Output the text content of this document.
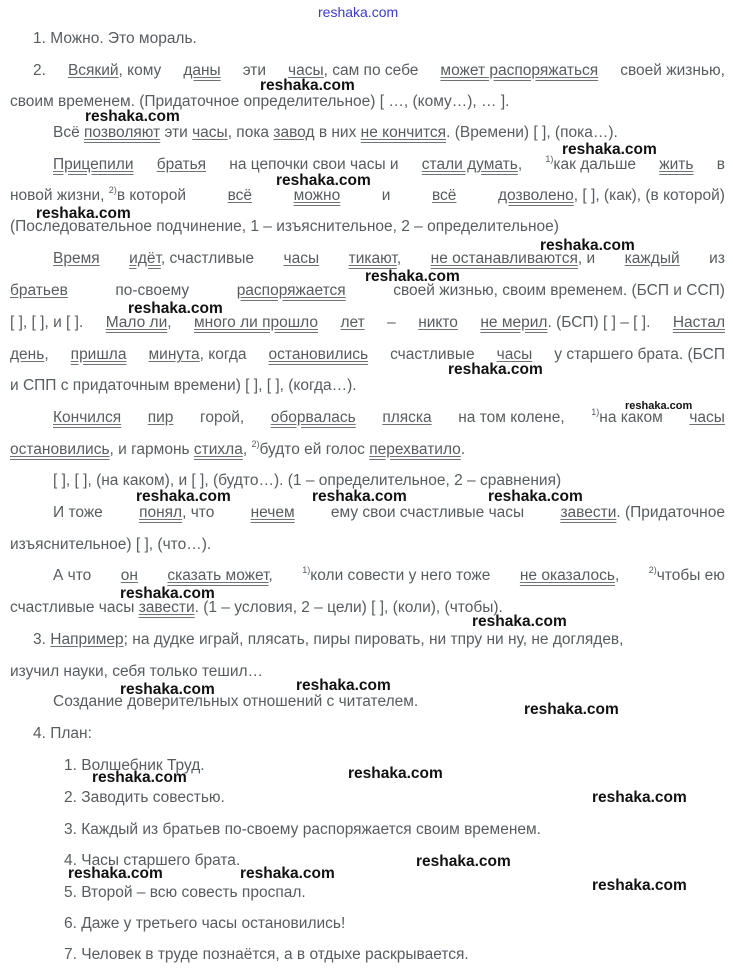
1. Можно. Это мораль.
2. Всякий, кому даны эти часы, сам по себе может распоряжаться своей жизнью,
своим временем. (Придаточное определительное) [ …, (кому…), … ].
Всё позволяют эти часы, пока завод в них не кончится. (Времени) [ ], (пока…).
Прицепили братья на цепочки свои часы и стали думать,	$^{1)}$как дальше жить в
новой жизни, $^{2)}$в которой	всё	можно	и	всё	дозволено, [ ], (как), (в которой)
(Последовательное подчинение, 1 – изъяснительное, 2 – определительное)
Время идёт, счастливые часы тикают, не останавливаются, и каждый из
братьев	по-своему	распоряжается	своей жизнью, своим временем. (БСП и ССП)
[ ], [ ], и [ ]. Мало ли, много ли прошло лет – никто не мерил. (БСП) [ ] – [ ]. Настал
день, пришла минута, когда остановились счастливые часы у старшего брата. (БСП
и СПП с придаточным времени) [ ], [ ], (когда…).
Кончился пир горой, оборвалась пляска на том колене,	$^{1)}$на каком часы
остановились, и гармонь стихла, $^{2)}$будто ей голос перехватило.
[ ], [ ], (на каком), и [ ], (будто…). (1 – определительное, 2 – сравнения)
И тоже понял, что нечем ему свои счастливые часы завести. (Придаточное
изъяснительное) [ ], (что…).
А что он сказать может,	$^{1)}$коли совести у него тоже не оказалось,	$^{2)}$чтобы ею
счастливые часы завести. (1 – условия, 2 – цели) [ ], (коли), (чтобы).
3. Например; на дудке играй, плясать, пиры пировать, ни тпру ни ну, не доглядев,
изучил науки, себя только тешил…
Создание доверительных отношений с читателем.
4. План:
1. Волшебник Труд.
2. Заводить совестью.
3. Каждый из братьев по-своему распоряжается своим временем.
4. Часы старшего брата.
5. Второй – всю совесть проспал.
6. Даже у третьего часы остановились!
7. Человек в труде познаётся, а в отдыхе раскрывается.
reshaka.com
reshaka.com
reshaka.com
reshaka.com
reshaka.com
reshaka.com
reshaka.com
reshaka.com
reshaka.com
reshaka.com
reshaka.com
reshaka.com	reshaka.com	reshaka.com
reshaka.com
reshaka.com
reshaka.com	reshaka.com
reshaka.com
reshaka.com	reshaka.com
reshaka.com
reshaka.com
reshaka.com	reshaka.com
reshaka.com
